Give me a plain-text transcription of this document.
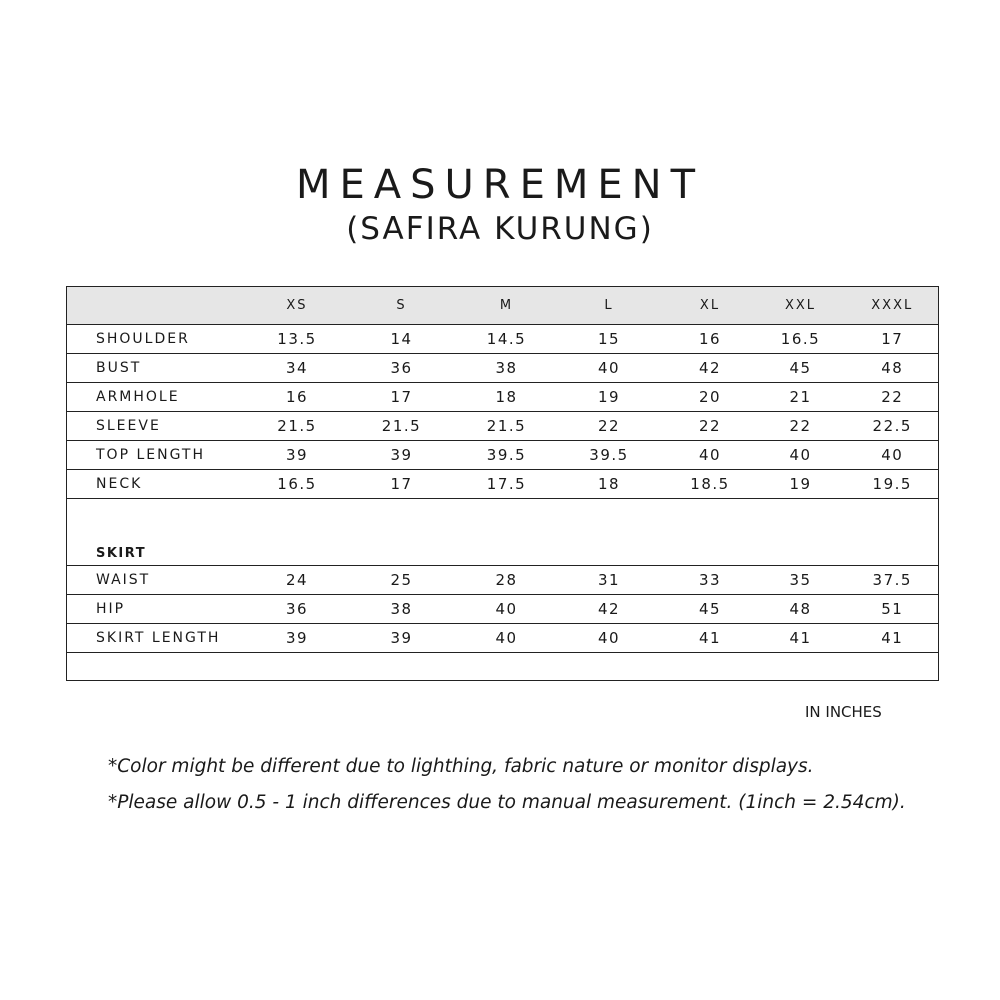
MEASUREMENT
(SAFIRA KURUNG)
	XS	S	M	L	XL	XXL	XXXL
SHOULDER	13.5	14	14.5	15	16	16.5	17
BUST	34	36	38	40	42	45	48
ARMHOLE	16	17	18	19	20	21	22
SLEEVE	21.5	21.5	21.5	22	22	22	22.5
TOP LENGTH	39	39	39.5	39.5	40	40	40
NECK	16.5	17	17.5	18	18.5	19	19.5
SKIRT							
WAIST	24	25	28	31	33	35	37.5
HIP	36	38	40	42	45	48	51
SKIRT LENGTH	39	39	40	40	41	41	41

IN INCHES
*Color might be different due to lighthing, fabric nature or monitor displays.
*Please allow 0.5 - 1 inch differences due to manual measurement. (1inch = 2.54cm).
